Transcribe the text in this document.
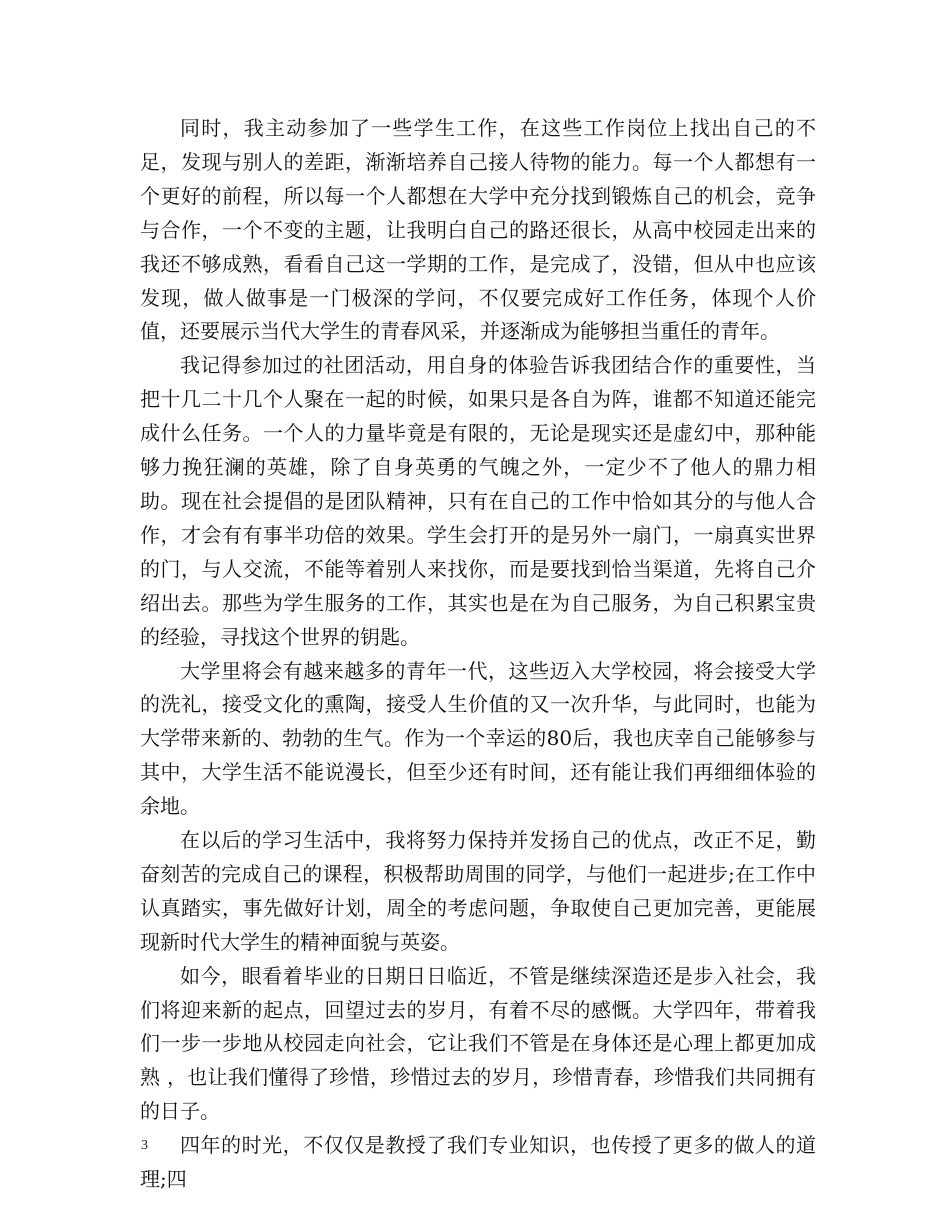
同时，我主动参加了一些学生工作，在这些工作岗位上找出自己的不足，发现与别人的差距，渐渐培养自己接人待物的能力。每一个人都想有一个更好的前程，所以每一个人都想在大学中充分找到锻炼自己的机会，竞争与合作，一个不变的主题，让我明白自己的路还很长，从高中校园走出来的我还不够成熟，看看自己这一学期的工作，是完成了，没错，但从中也应该发现，做人做事是一门极深的学问，不仅要完成好工作任务，体现个人价值，还要展示当代大学生的青春风采，并逐渐成为能够担当重任的青年。

我记得参加过的社团活动，用自身的体验告诉我团结合作的重要性，当把十几二十几个人聚在一起的时候，如果只是各自为阵，谁都不知道还能完成什么任务。一个人的力量毕竟是有限的，无论是现实还是虚幻中，那种能够力挽狂澜的英雄，除了自身英勇的气魄之外，一定少不了他人的鼎力相助。现在社会提倡的是团队精神，只有在自己的工作中恰如其分的与他人合作，才会有有事半功倍的效果。学生会打开的是另外一扇门，一扇真实世界的门，与人交流，不能等着别人来找你，而是要找到恰当渠道，先将自己介绍出去。那些为学生服务的工作，其实也是在为自己服务，为自己积累宝贵的经验，寻找这个世界的钥匙。

大学里将会有越来越多的青年一代，这些迈入大学校园，将会接受大学的洗礼，接受文化的熏陶，接受人生价值的又一次升华，与此同时，也能为大学带来新的、勃勃的生气。作为一个幸运的80后，我也庆幸自己能够参与其中，大学生活不能说漫长，但至少还有时间，还有能让我们再细细体验的余地。

在以后的学习生活中，我将努力保持并发扬自己的优点，改正不足，勤奋刻苦的完成自己的课程，积极帮助周围的同学，与他们一起进步;在工作中认真踏实，事先做好计划，周全的考虑问题，争取使自己更加完善，更能展现新时代大学生的精神面貌与英姿。

如今，眼看着毕业的日期日日临近，不管是继续深造还是步入社会，我们将迎来新的起点，回望过去的岁月，有着不尽的感慨。大学四年，带着我们一步一步地从校园走向社会，它让我们不管是在身体还是心理上都更加成熟 ，也让我们懂得了珍惜，珍惜过去的岁月，珍惜青春，珍惜我们共同拥有的日子。

四年的时光，不仅仅是教授了我们专业知识，也传授了更多的做人的道理;四

3
